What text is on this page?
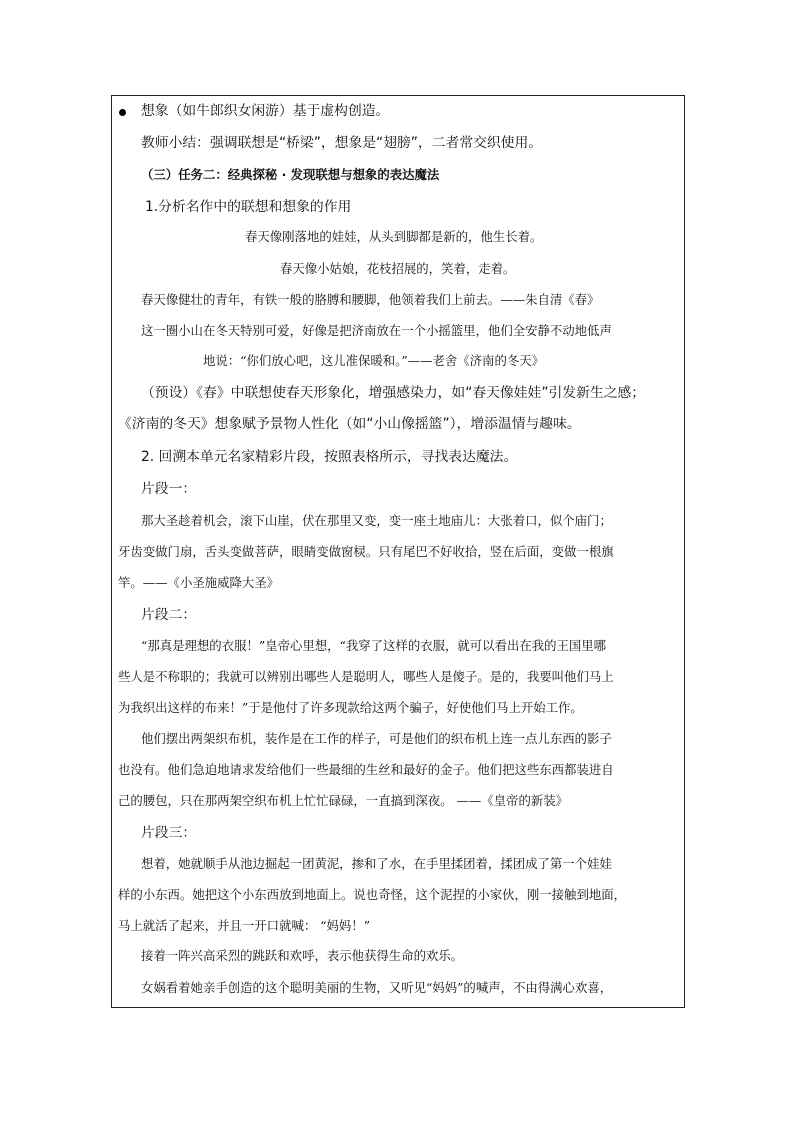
想象（如牛郎织女闲游）基于虚构创造。
教师小结：强调联想是“桥梁”，想象是“翅膀”，二者常交织使用。
（三）任务二：经典探秘 · 发现联想与想象的表达魔法
1.分析名作中的联想和想象的作用
春天像刚落地的娃娃，从头到脚都是新的，他生长着。
春天像小姑娘，花枝招展的，笑着，走着。
春天像健壮的青年，有铁一般的胳膊和腰脚，他领着我们上前去。——朱自清《春》
这一圈小山在冬天特别可爱，好像是把济南放在一个小摇篮里，他们全安静不动地低声
地说：“你们放心吧，这儿准保暖和。”——老舍《济南的冬天》
（预设）《春》中联想使春天形象化，增强感染力，如“春天像娃娃”引发新生之感；
《济南的冬天》想象赋予景物人性化（如“小山像摇篮”），增添温情与趣味。
2. 回溯本单元名家精彩片段，按照表格所示，寻找表达魔法。
片段一：
那大圣趁着机会，滚下山崖，伏在那里又变，变一座土地庙儿：大张着口，似个庙门；
牙齿变做门扇，舌头变做菩萨，眼睛变做窗棂。只有尾巴不好收拾，竖在后面，变做一根旗
竿。——《小圣施威降大圣》
片段二：
“那真是理想的衣服！”皇帝心里想，“我穿了这样的衣服，就可以看出在我的王国里哪
些人是不称职的；我就可以辨别出哪些人是聪明人，哪些人是傻子。是的，我要叫他们马上
为我织出这样的布来！”于是他付了许多现款给这两个骗子，好使他们马上开始工作。
他们摆出两架织布机，装作是在工作的样子，可是他们的织布机上连一点儿东西的影子
也没有。他们急迫地请求发给他们一些最细的生丝和最好的金子。他们把这些东西都装进自
己的腰包，只在那两架空织布机上忙忙碌碌，一直搞到深夜。 ——《皇帝的新装》
片段三：
想着，她就顺手从池边掘起一团黄泥，掺和了水，在手里揉团着，揉团成了第一个娃娃
样的小东西。她把这个小东西放到地面上。说也奇怪，这个泥捏的小家伙，刚一接触到地面，
马上就活了起来，并且一开口就喊： “妈妈！”
接着一阵兴高采烈的跳跃和欢呼，表示他获得生命的欢乐。
女娲看着她亲手创造的这个聪明美丽的生物，又听见“妈妈”的喊声，不由得满心欢喜，
